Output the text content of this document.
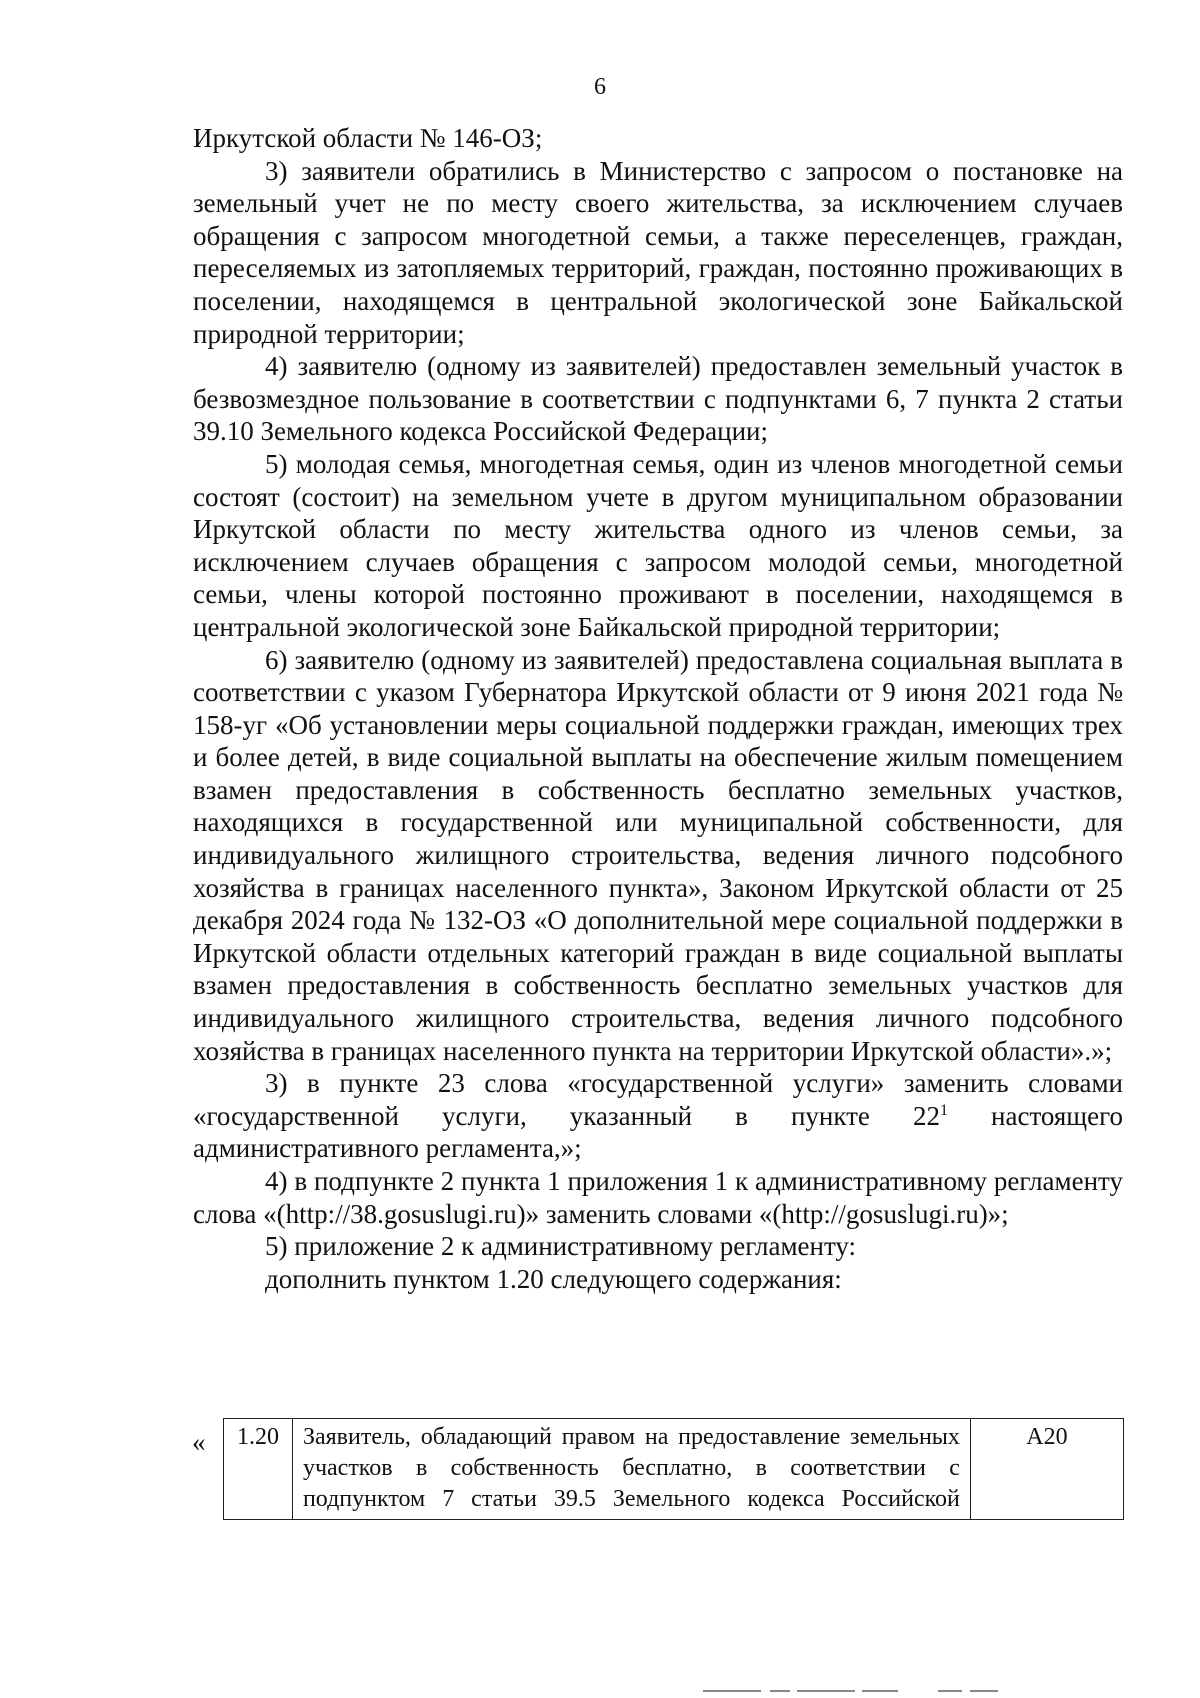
6

Иркутской области № 146-ОЗ;

3) заявители обратились в Министерство с запросом о постановке на земельный учет не по месту своего жительства, за исключением случаев обращения с запросом многодетной семьи, а также переселенцев, граждан, переселяемых из затопляемых территорий, граждан, постоянно проживающих в поселении, находящемся в центральной экологической зоне Байкальской природной территории;

4) заявителю (одному из заявителей) предоставлен земельный участок в безвозмездное пользование в соответствии с подпунктами 6, 7 пункта 2 статьи 39.10 Земельного кодекса Российской Федерации;

5) молодая семья, многодетная семья, один из членов многодетной семьи состоят (состоит) на земельном учете в другом муниципальном образовании Иркутской области по месту жительства одного из членов семьи, за исключением случаев обращения с запросом молодой семьи, многодетной семьи, члены которой постоянно проживают в поселении, находящемся в центральной экологической зоне Байкальской природной территории;

6) заявителю (одному из заявителей) предоставлена социальная выплата в соответствии с указом Губернатора Иркутской области от 9 июня 2021 года № 158-уг «Об установлении меры социальной поддержки граждан, имеющих трех и более детей, в виде социальной выплаты на обеспечение жилым помещением взамен предоставления в собственность бесплатно земельных участков, находящихся в государственной или муниципальной собственности, для индивидуального жилищного строительства, ведения личного подсобного хозяйства в границах населенного пункта», Законом Иркутской области от 25 декабря 2024 года № 132-ОЗ «О дополнительной мере социальной поддержки в Иркутской области отдельных категорий граждан в виде социальной выплаты взамен предоставления в собственность бесплатно земельных участков для индивидуального жилищного строительства, ведения личного подсобного хозяйства в границах населенного пункта на территории Иркутской области».»;

3) в пункте 23 слова «государственной услуги» заменить словами «государственной услуги, указанный в пункте $22^1$ настоящего административного регламента,»;

4) в подпункте 2 пункта 1 приложения 1 к административному регламенту слова «(http://38.gosuslugi.ru)» заменить словами «(http://gosuslugi.ru)»;

5) приложение 2 к административному регламенту:

дополнить пунктом 1.20 следующего содержания:

« 1.20	Заявитель, обладающий правом на предоставление земельных участков в собственность бесплатно, в соответствии с подпунктом 7 статьи 39.5 Земельного кодекса Российской	А20
